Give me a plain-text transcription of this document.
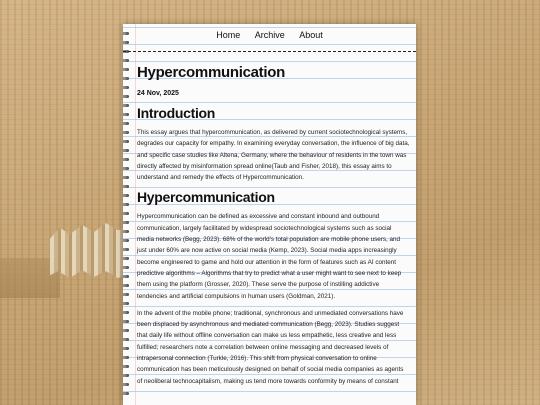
Home Archive About
Hypercommunication
24 Nov, 2025
Introduction

This essay argues that hypercommunication, as delivered by current sociotechnological systems, degrades our capacity for empathy. In examining everyday conversation, the influence of big data, and specific case studies like Altena, Germany, where the behaviour of residents in the town was directly affected by misinformation spread online(Taub and Fisher, 2018), this essay aims to understand and remedy the effects of Hypercommunication.

Hypercommunication

Hypercommunication can be defined as excessive and constant inbound and outbound communication, largely facilitated by widespread sociotechnological systems such as social media networks (Begg, 2023). 68% of the world's total population are mobile phone users, and just under 60% are now active on social media (Kemp, 2023). Social media apps increasingly become engineered to game and hold our attention in the form of features such as AI content predictive algorithms – Algorithms that try to predict what a user might want to see next to keep them using the platform (Grosser, 2020). These serve the purpose of instilling addictive tendencies and artificial compulsions in human users (Goldman, 2021).

In the advent of the mobile phone; traditional, synchronous and unmediated conversations have been displaced by asynchronous and mediated communication (Begg, 2023). Studies suggest that daily life without offline conversation can make us less empathetic, less creative and less fulfilled; researchers note a correlation between online messaging and decreased levels of intrapersonal connection (Turkle, 2016). This shift from physical conversation to online communication has been meticulously designed on behalf of social media companies as agents of neoliberal technocapitalism, making us tend more towards conformity by means of constant
